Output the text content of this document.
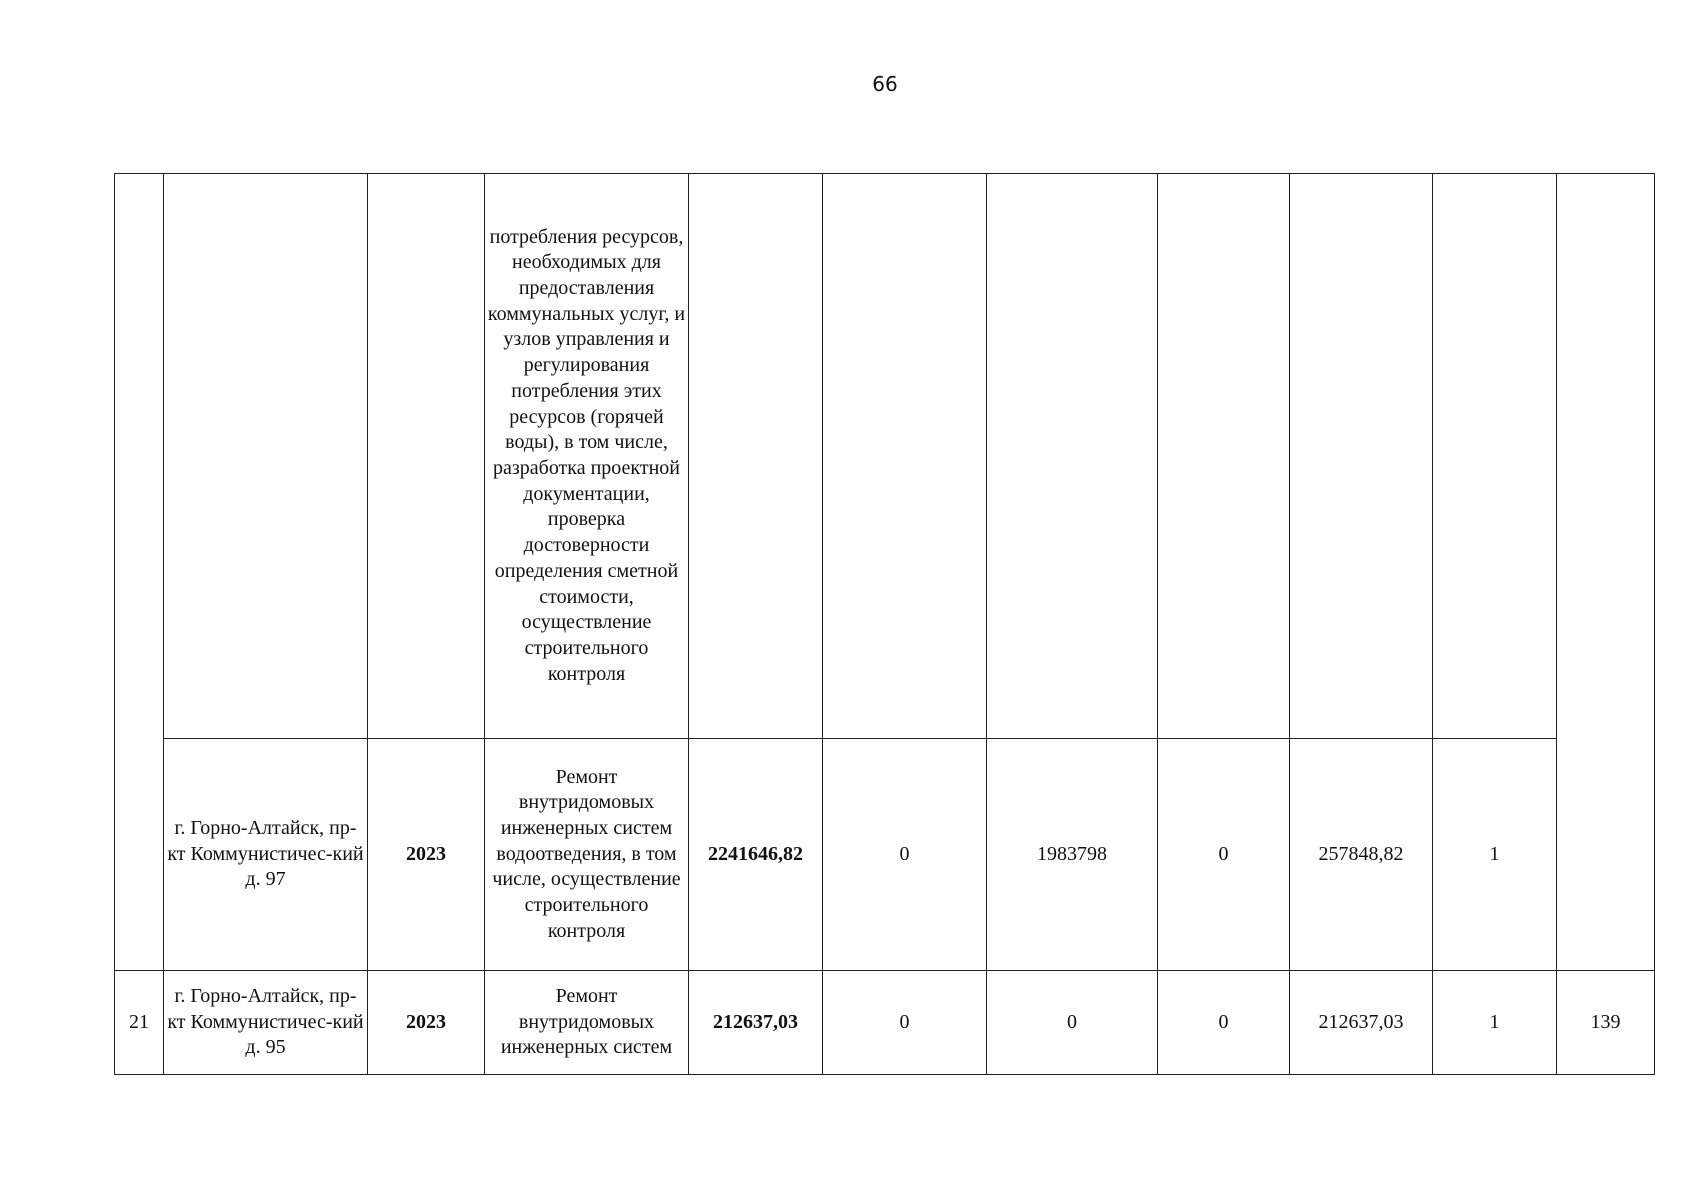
66
			потребления ресурсов, необходимых для предоставления коммунальных услуг, и узлов управления и регулирования потребления этих ресурсов (горячей воды), в том числе, разработка проектной документации, проверка достоверности определения сметной стоимости, осуществление строительного контроля							
	г. Горно-Алтайск, пр-кт Коммунистичес-кий д. 97	2023	Ремонт внутридомовых инженерных систем водоотведения, в том числе, осуществление строительного контроля	2241646,82	0	1983798	0	257848,82	1	
21	г. Горно-Алтайск, пр-кт Коммунистичес-кий д. 95	2023	Ремонт внутридомовых инженерных систем	212637,03	0	0	0	212637,03	1	139
